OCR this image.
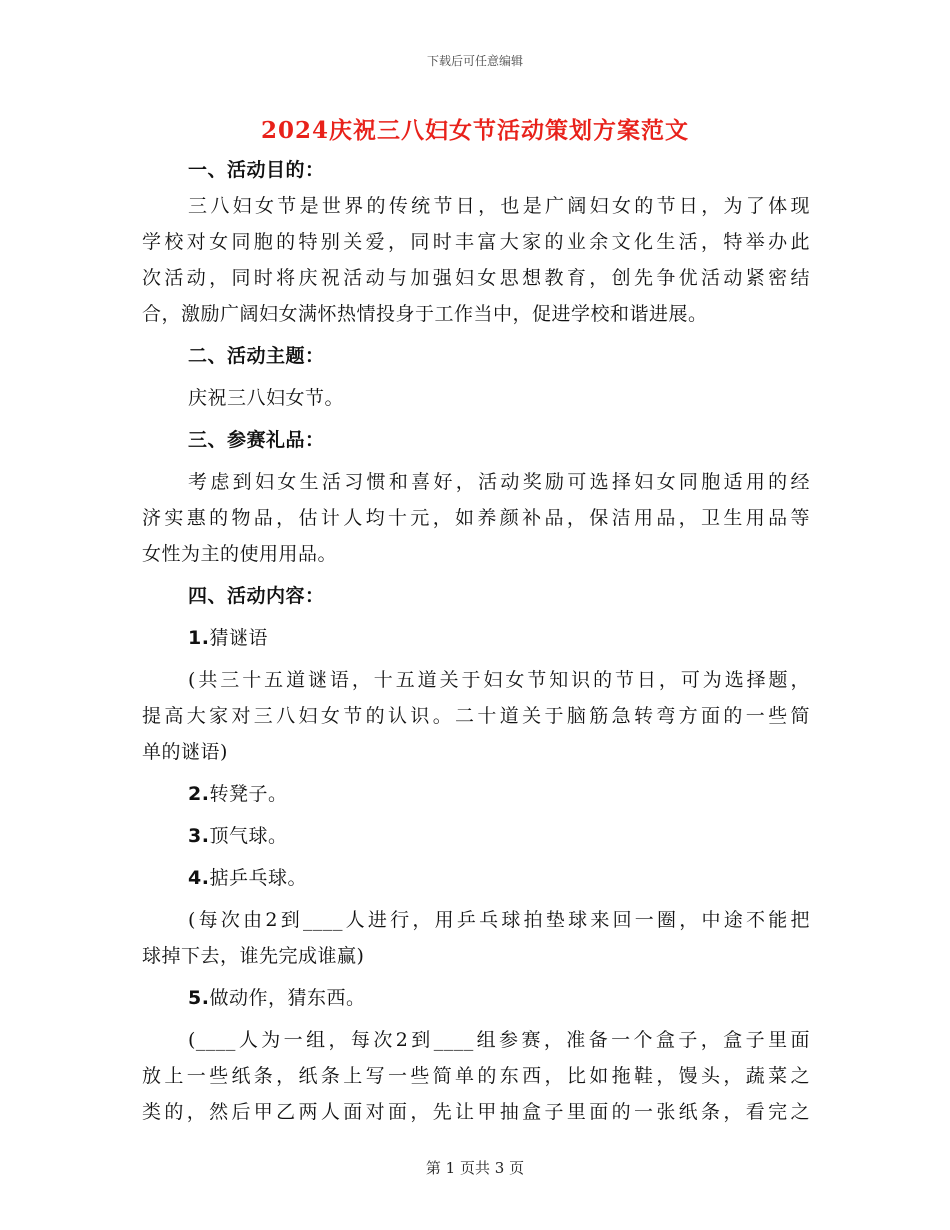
下载后可任意编辑
2024庆祝三八妇女节活动策划方案范文
一、活动目的：
三八妇女节是世界的传统节日，也是广阔妇女的节日，为了体现
学校对女同胞的特别关爱，同时丰富大家的业余文化生活，特举办此
次活动，同时将庆祝活动与加强妇女思想教育，创先争优活动紧密结
合，激励广阔妇女满怀热情投身于工作当中，促进学校和谐进展。
二、活动主题：
庆祝三八妇女节。
三、参赛礼品：
考虑到妇女生活习惯和喜好，活动奖励可选择妇女同胞适用的经
济实惠的物品，估计人均十元，如养颜补品，保洁用品，卫生用品等
女性为主的使用用品。
四、活动内容：
1.猜谜语
(共三十五道谜语，十五道关于妇女节知识的节日，可为选择题，
提高大家对三八妇女节的认识。二十道关于脑筋急转弯方面的一些简
单的谜语)
2.转凳子。
3.顶气球。
4.掂乒乓球。
(每次由2到____人进行，用乒乓球拍垫球来回一圈，中途不能把
球掉下去，谁先完成谁赢)
5.做动作，猜东西。
(____人为一组，每次2到____组参赛，准备一个盒子，盒子里面
放上一些纸条，纸条上写一些简单的东西，比如拖鞋，馒头，蔬菜之
类的，然后甲乙两人面对面，先让甲抽盒子里面的一张纸条，看完之
第 1 页共 3 页
